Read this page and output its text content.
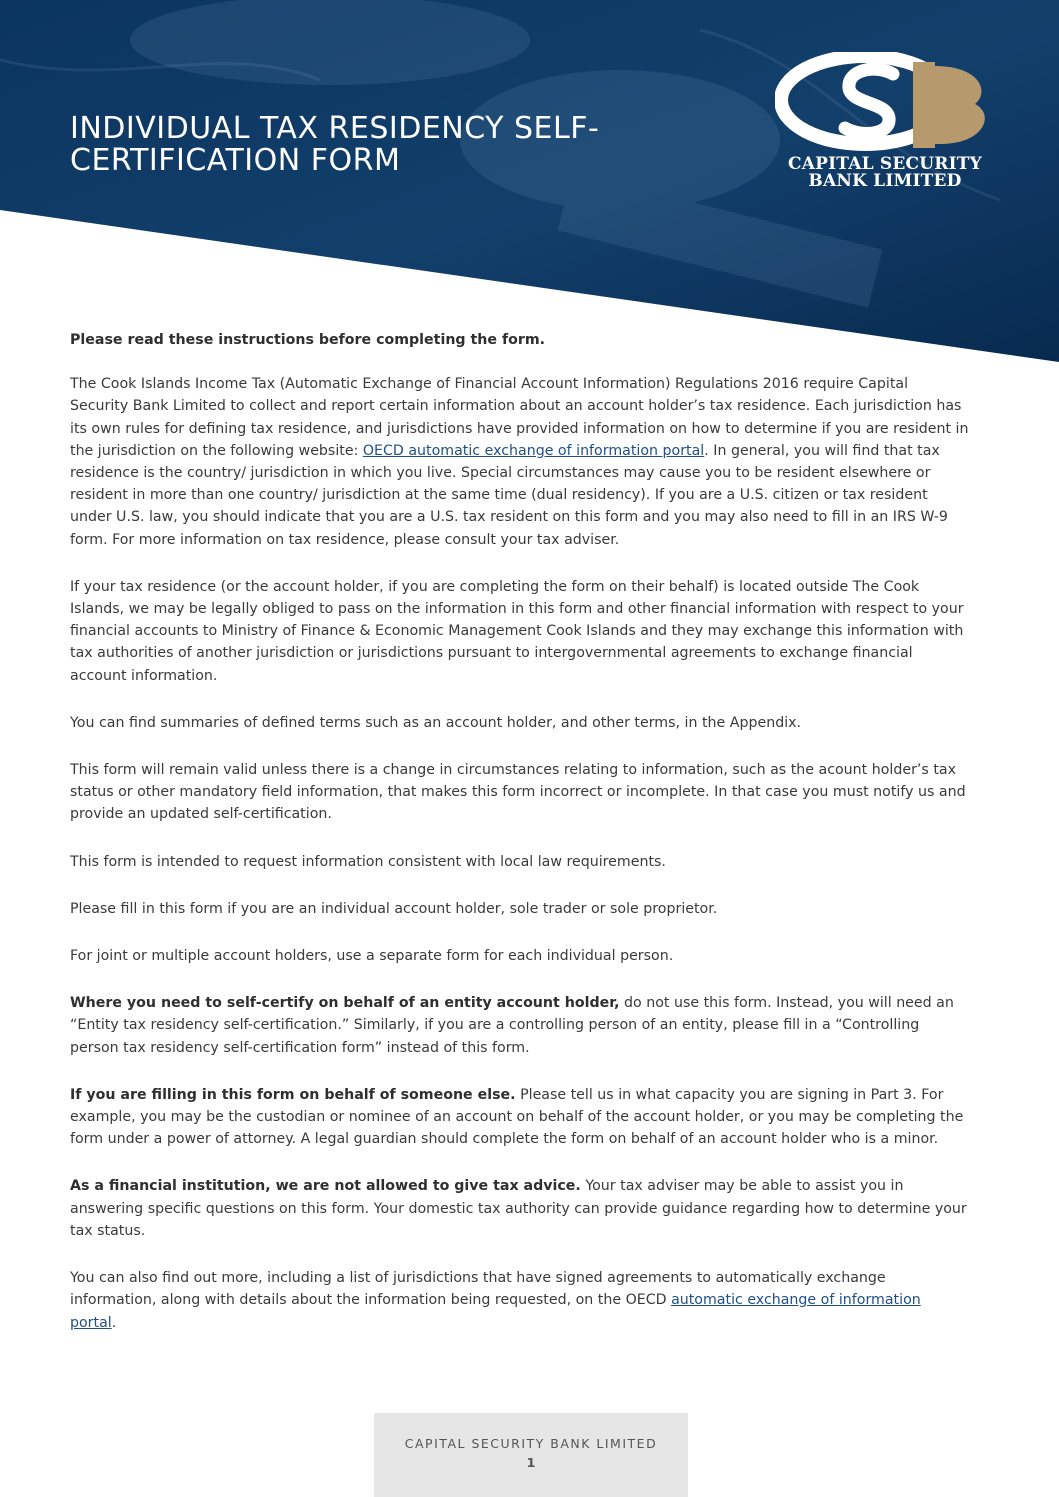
INDIVIDUAL TAX RESIDENCY SELF-CERTIFICATION FORM	CAPITAL SECURITY
BANK LIMITED

Please read these instructions before completing the form.

The Cook Islands Income Tax (Automatic Exchange of Financial Account Information) Regulations 2016 require Capital Security Bank Limited to collect and report certain information about an account holder’s tax residence. Each jurisdiction has its own rules for defining tax residence, and jurisdictions have provided information on how to determine if you are resident in the jurisdiction on the following website: OECD automatic exchange of information portal. In general, you will find that tax residence is the country/ jurisdiction in which you live. Special circumstances may cause you to be resident elsewhere or resident in more than one country/ jurisdiction at the same time (dual residency). If you are a U.S. citizen or tax resident under U.S. law, you should indicate that you are a U.S. tax resident on this form and you may also need to fill in an IRS W-9 form. For more information on tax residence, please consult your tax adviser.

If your tax residence (or the account holder, if you are completing the form on their behalf) is located outside The Cook Islands, we may be legally obliged to pass on the information in this form and other financial information with respect to your financial accounts to Ministry of Finance & Economic Management Cook Islands and they may exchange this information with tax authorities of another jurisdiction or jurisdictions pursuant to intergovernmental agreements to exchange financial account information.

You can find summaries of defined terms such as an account holder, and other terms, in the Appendix.

This form will remain valid unless there is a change in circumstances relating to information, such as the acount holder’s tax status or other mandatory field information, that makes this form incorrect or incomplete. In that case you must notify us and provide an updated self-certification.

This form is intended to request information consistent with local law requirements.

Please fill in this form if you are an individual account holder, sole trader or sole proprietor.

For joint or multiple account holders, use a separate form for each individual person.

Where you need to self-certify on behalf of an entity account holder, do not use this form. Instead, you will need an “Entity tax residency self-certification.” Similarly, if you are a controlling person of an entity, please fill in a “Controlling person tax residency self-certification form” instead of this form.

If you are filling in this form on behalf of someone else. Please tell us in what capacity you are signing in Part 3. For example, you may be the custodian or nominee of an account on behalf of the account holder, or you may be completing the form under a power of attorney. A legal guardian should complete the form on behalf of an account holder who is a minor.

As a financial institution, we are not allowed to give tax advice. Your tax adviser may be able to assist you in answering specific questions on this form. Your domestic tax authority can provide guidance regarding how to determine your tax status.

You can also find out more, including a list of jurisdictions that have signed agreements to automatically exchange information, along with details about the information being requested, on the OECD automatic exchange of information portal.

CAPITAL SECURITY BANK LIMITED
1
